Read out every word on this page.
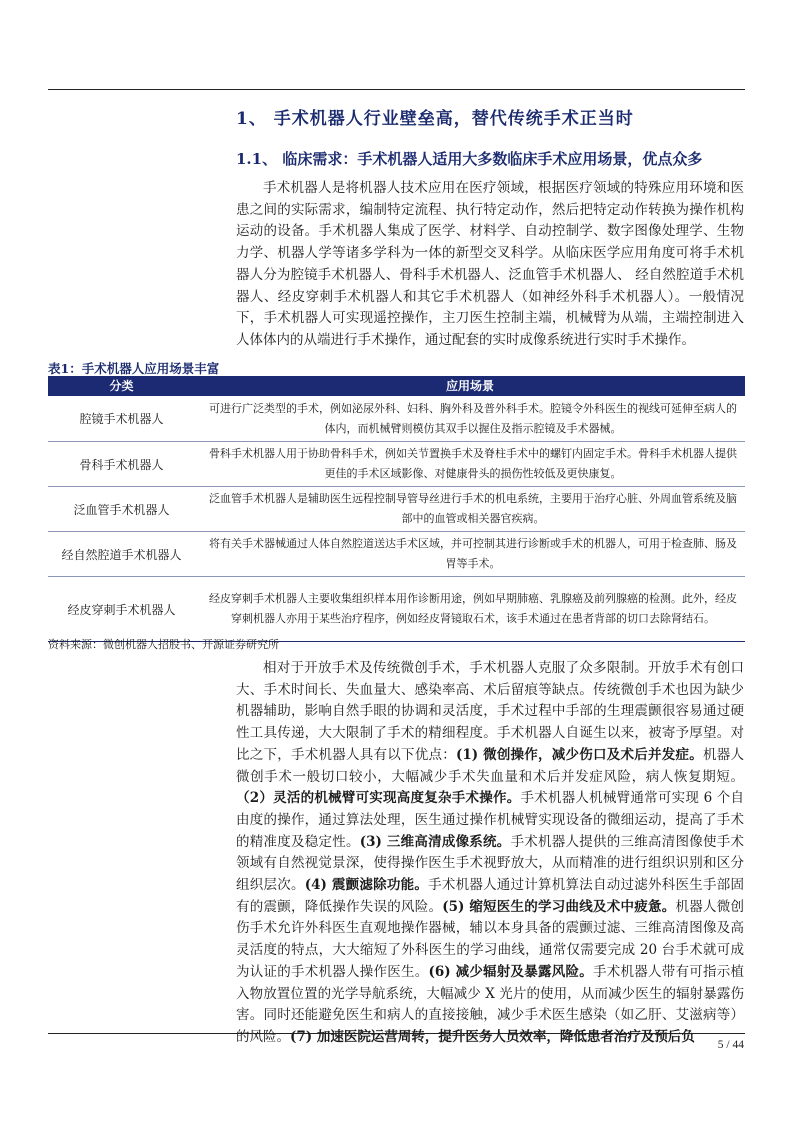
1、 手术机器人行业壁垒高，替代传统手术正当时
1.1、 临床需求：手术机器人适用大多数临床手术应用场景，优点众多
手术机器人是将机器人技术应用在医疗领域，根据医疗领域的特殊应用环境和医患之间的实际需求，编制特定流程、执行特定动作，然后把特定动作转换为操作机构运动的设备。手术机器人集成了医学、材料学、自动控制学、数字图像处理学、生物力学、机器人学等诸多学科为一体的新型交叉科学。从临床医学应用角度可将手术机器人分为腔镜手术机器人、骨科手术机器人、泛血管手术机器人、 经自然腔道手术机器人、经皮穿刺手术机器人和其它手术机器人（如神经外科手术机器人）。一般情况下，手术机器人可实现遥控操作，主刀医生控制主端，机械臂为从端，主端控制进入人体体内的从端进行手术操作，通过配套的实时成像系统进行实时手术操作。
表1：手术机器人应用场景丰富
分类	应用场景
腔镜手术机器人
可进行广泛类型的手术，例如泌尿外科、妇科、胸外科及普外科手术。腔镜令外科医生的视线可延伸至病人的体内，而机械臂则模仿其双手以握住及指示腔镜及手术器械。
骨科手术机器人
骨科手术机器人用于协助骨科手术，例如关节置换手术及脊柱手术中的螺钉内固定手术。骨科手术机器人提供更佳的手术区域影像、对健康骨头的损伤性较低及更快康复。
泛血管手术机器人
泛血管手术机器人是辅助医生远程控制导管导丝进行手术的机电系统，主要用于治疗心脏、外周血管系统及脑部中的血管或相关器官疾病。
经自然腔道手术机器人
将有关手术器械通过人体自然腔道送达手术区域，并可控制其进行诊断或手术的机器人，可用于检查肺、肠及胃等手术。
经皮穿刺手术机器人
经皮穿刺手术机器人主要收集组织样本用作诊断用途，例如早期肺癌、乳腺癌及前列腺癌的检测。此外，经皮穿刺机器人亦用于某些治疗程序，例如经皮肾镜取石术，该手术通过在患者背部的切口去除肾结石。
资料来源：微创机器人招股书、开源证券研究所
相对于开放手术及传统微创手术，手术机器人克服了众多限制。开放手术有创口大、手术时间长、失血量大、感染率高、术后留痕等缺点。传统微创手术也因为缺少机器辅助，影响自然手眼的协调和灵活度，手术过程中手部的生理震颤很容易通过硬性工具传递，大大限制了手术的精细程度。手术机器人自诞生以来，被寄予厚望。对比之下，手术机器人具有以下优点：(1) 微创操作，减少伤口及术后并发症。机器人微创手术一般切口较小，大幅减少手术失血量和术后并发症风险，病人恢复期短。（2）灵活的机械臂可实现高度复杂手术操作。手术机器人机械臂通常可实现 6 个自由度的操作，通过算法处理，医生通过操作机械臂实现设备的微细运动，提高了手术的精准度及稳定性。(3) 三维高清成像系统。手术机器人提供的三维高清图像使手术领域有自然视觉景深，使得操作医生手术视野放大，从而精准的进行组织识别和区分组织层次。(4) 震颤滤除功能。手术机器人通过计算机算法自动过滤外科医生手部固有的震颤，降低操作失误的风险。(5) 缩短医生的学习曲线及术中疲惫。机器人微创伤手术允许外科医生直观地操作器械，辅以本身具备的震颤过滤、三维高清图像及高灵活度的特点，大大缩短了外科医生的学习曲线，通常仅需要完成 20 台手术就可成为认证的手术机器人操作医生。(6) 减少辐射及暴露风险。手术机器人带有可指示植入物放置位置的光学导航系统，大幅减少 X 光片的使用，从而减少医生的辐射暴露伤害。同时还能避免医生和病人的直接接触，减少手术医生感染（如乙肝、艾滋病等）的风险。(7) 加速医院运营周转，提升医务人员效率，降低患者治疗及预后负
5 / 44
